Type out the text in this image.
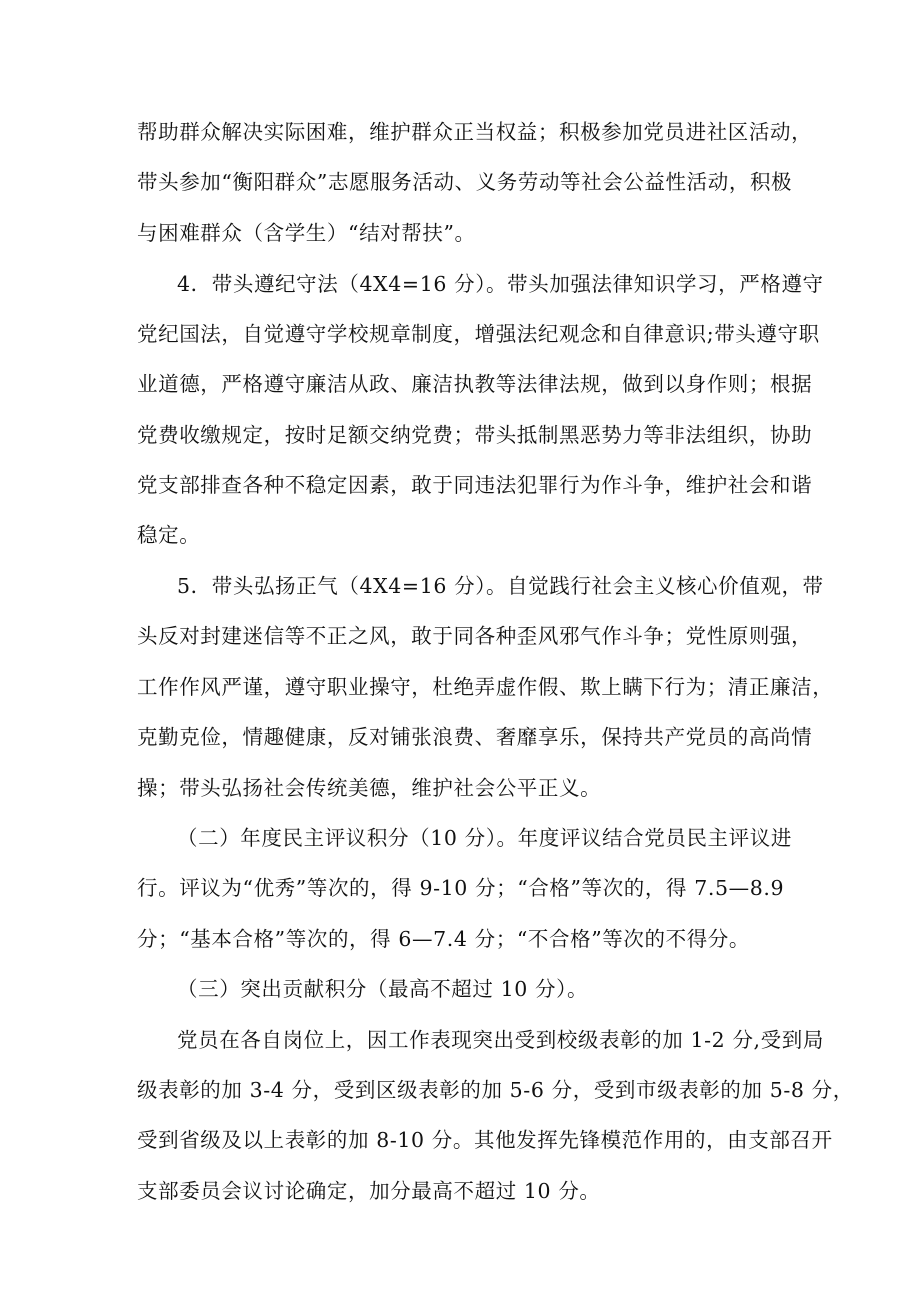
帮助群众解决实际困难，维护群众正当权益；积极参加党员进社区活动，
带头参加“衡阳群众”志愿服务活动、义务劳动等社会公益性活动，积极
与困难群众（含学生）“结对帮扶”。
4．带头遵纪守法（4X4=16 分）。带头加强法律知识学习，严格遵守
党纪国法，自觉遵守学校规章制度，增强法纪观念和自律意识;带头遵守职
业道德，严格遵守廉洁从政、廉洁执教等法律法规，做到以身作则；根据
党费收缴规定，按时足额交纳党费；带头抵制黑恶势力等非法组织，协助
党支部排查各种不稳定因素，敢于同违法犯罪行为作斗争，维护社会和谐
稳定。
5．带头弘扬正气（4X4=16 分）。自觉践行社会主义核心价值观，带
头反对封建迷信等不正之风，敢于同各种歪风邪气作斗争；党性原则强，
工作作风严谨，遵守职业操守，杜绝弄虚作假、欺上瞒下行为；清正廉洁，
克勤克俭，情趣健康，反对铺张浪费、奢靡享乐，保持共产党员的高尚情
操；带头弘扬社会传统美德，维护社会公平正义。
（二）年度民主评议积分（10 分）。年度评议结合党员民主评议进
行。评议为“优秀”等次的，得 9-10 分；“合格”等次的，得 7.5—8.9
分；“基本合格”等次的，得 6—7.4 分；“不合格”等次的不得分。
（三）突出贡献积分（最高不超过 10 分）。
党员在各自岗位上，因工作表现突出受到校级表彰的加 1-2 分,受到局
级表彰的加 3-4 分，受到区级表彰的加 5-6 分，受到市级表彰的加 5-8 分，
受到省级及以上表彰的加 8-10 分。其他发挥先锋模范作用的，由支部召开
支部委员会议讨论确定，加分最高不超过 10 分。
